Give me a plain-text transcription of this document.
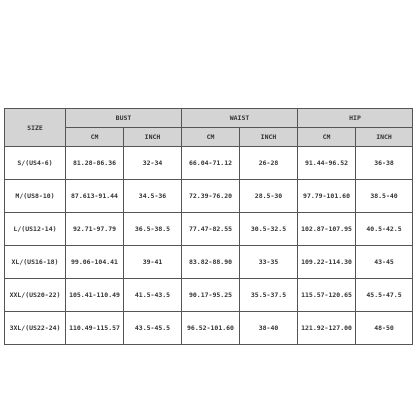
SIZE	BUST		WAIST		HIP	
	CM	INCH	CM	INCH	CM	INCH
S/(US4-6)	81.28-86.36	32-34	66.04-71.12	26-28	91.44-96.52	36-38
M/(US8-10)	87.613-91.44	34.5-36	72.39-76.20	28.5-30	97.79-101.60	38.5-40
L/(US12-14)	92.71-97.79	36.5-38.5	77.47-82.55	30.5-32.5	102.87-107.95	40.5-42.5
XL/(US16-18)	99.06-104.41	39-41	83.82-88.90	33-35	109.22-114.30	43-45
XXL/(US20-22)	105.41-110.49	41.5-43.5	90.17-95.25	35.5-37.5	115.57-120.65	45.5-47.5
3XL/(US22-24)	110.49-115.57	43.5-45.5	96.52-101.60	38-40	121.92-127.00	48-50
